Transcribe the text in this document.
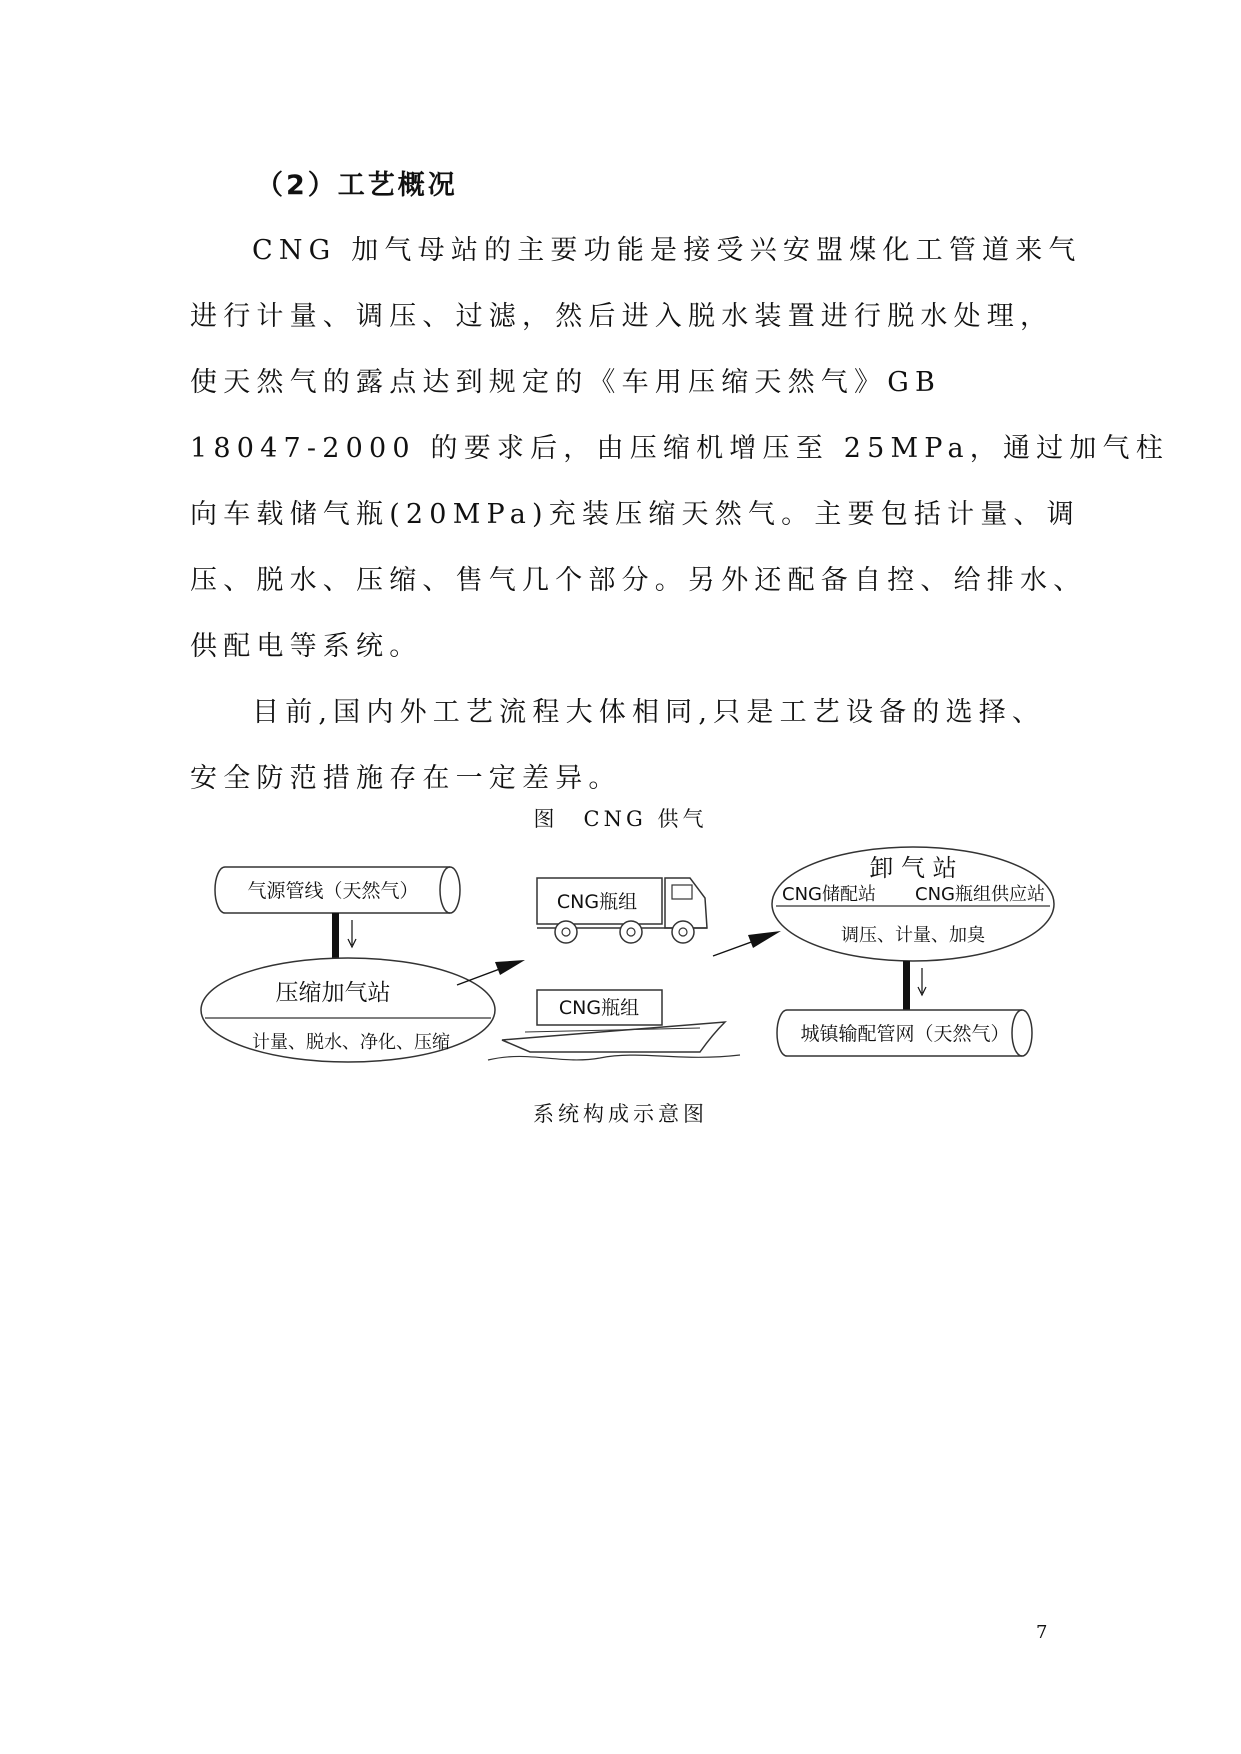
（2）工艺概况
CNG 加气母站的主要功能是接受兴安盟煤化工管道来气
进行计量、调压、过滤，然后进入脱水装置进行脱水处理，
使天然气的露点达到规定的《车用压缩天然气》GB
18047-2000 的要求后，由压缩机增压至 25MPa，通过加气柱
向车载储气瓶(20MPa)充装压缩天然气。主要包括计量、调
压、脱水、压缩、售气几个部分。另外还配备自控、给排水、
供配电等系统。
目前,国内外工艺流程大体相同,只是工艺设备的选择、
安全防范措施存在一定差异。
图　CNG 供气
气源管线（天然气）
压缩加气站
计量、脱水、净化、压缩
CNG瓶组
CNG瓶组
卸 气 站
CNG储配站 CNG瓶组供应站
调压、计量、加臭
城镇输配管网（天然气）
系统构成示意图
7
